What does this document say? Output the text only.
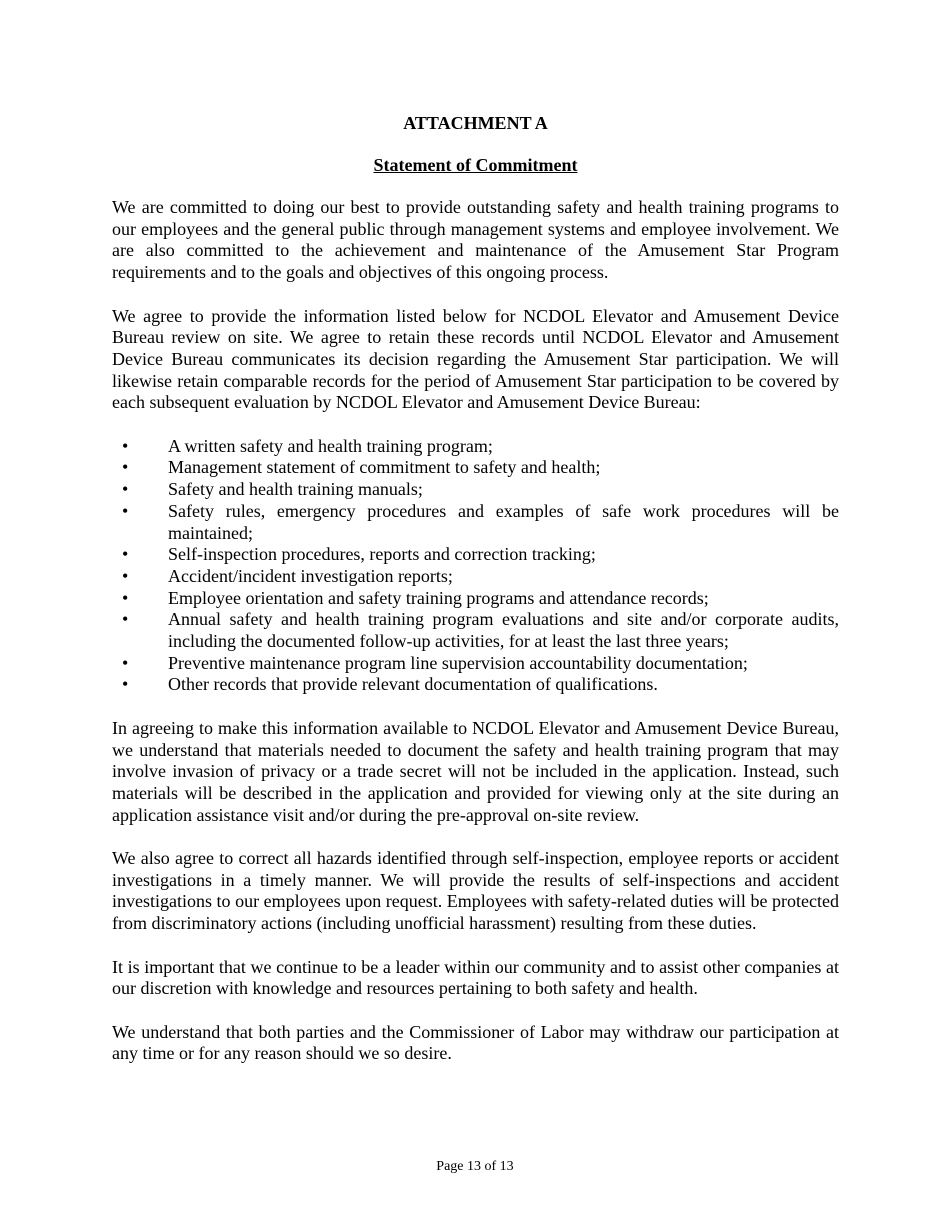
ATTACHMENT A
Statement of Commitment

We are committed to doing our best to provide outstanding safety and health training programs to our employees and the general public through management systems and employee involvement. We are also committed to the achievement and maintenance of the Amusement Star Program requirements and to the goals and objectives of this ongoing process.

We agree to provide the information listed below for NCDOL Elevator and Amusement Device Bureau review on site. We agree to retain these records until NCDOL Elevator and Amusement Device Bureau communicates its decision regarding the Amusement Star participation. We will likewise retain comparable records for the period of Amusement Star participation to be covered by each subsequent evaluation by NCDOL Elevator and Amusement Device Bureau:

• A written safety and health training program;
• Management statement of commitment to safety and health;
• Safety and health training manuals;
• Safety rules, emergency procedures and examples of safe work procedures will be maintained;
• Self-inspection procedures, reports and correction tracking;
• Accident/incident investigation reports;
• Employee orientation and safety training programs and attendance records;
• Annual safety and health training program evaluations and site and/or corporate audits, including the documented follow-up activities, for at least the last three years;
• Preventive maintenance program line supervision accountability documentation;
• Other records that provide relevant documentation of qualifications.

In agreeing to make this information available to NCDOL Elevator and Amusement Device Bureau, we understand that materials needed to document the safety and health training program that may involve invasion of privacy or a trade secret will not be included in the application. Instead, such materials will be described in the application and provided for viewing only at the site during an application assistance visit and/or during the pre-approval on-site review.

We also agree to correct all hazards identified through self-inspection, employee reports or accident investigations in a timely manner. We will provide the results of self-inspections and accident investigations to our employees upon request. Employees with safety-related duties will be protected from discriminatory actions (including unofficial harassment) resulting from these duties.

It is important that we continue to be a leader within our community and to assist other companies at our discretion with knowledge and resources pertaining to both safety and health.

We understand that both parties and the Commissioner of Labor may withdraw our participation at any time or for any reason should we so desire.

Page 13 of 13
